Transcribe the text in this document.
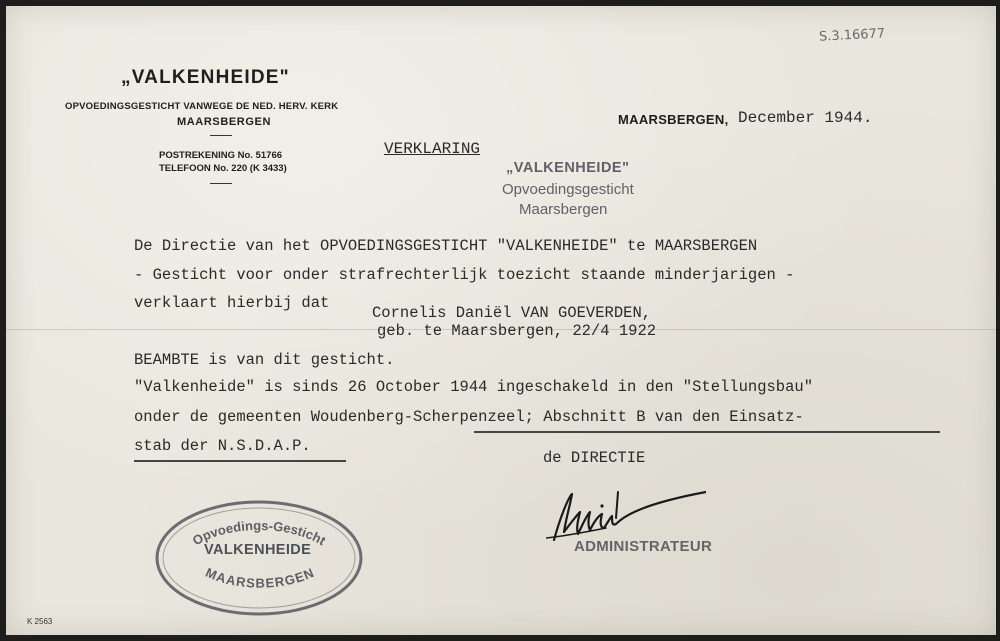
S.3.16677
„VALKENHEIDE"
OPVOEDINGSGESTICHT VANWEGE DE NED. HERV. KERK
MAARSBERGEN
POSTREKENING No. 51766
TELEFOON No. 220 (K 3433)
MAARSBERGEN, December 1944.
VERKLARING
„VALKENHEIDE"
Opvoedingsgesticht
Maarsbergen
De Directie van het OPVOEDINGSGESTICHT "VALKENHEIDE" te MAARSBERGEN
- Gesticht voor onder strafrechterlijk toezicht staande minderjarigen -
verklaart hierbij dat
Cornelis Daniël VAN GOEVERDEN,
geb. te Maarsbergen, 22/4 1922
BEAMBTE is van dit gesticht.
"Valkenheide" is sinds 26 October 1944 ingeschakeld in den "Stellungsbau"
onder de gemeenten Woudenberg-Scherpenzeel; Abschnitt B van den Einsatz-
stab der N.S.D.A.P.
de DIRECTIE
ADMINISTRATEUR
Opvoedings-Gesticht
MAARSBERGEN
VALKENHEIDE
K 2563
